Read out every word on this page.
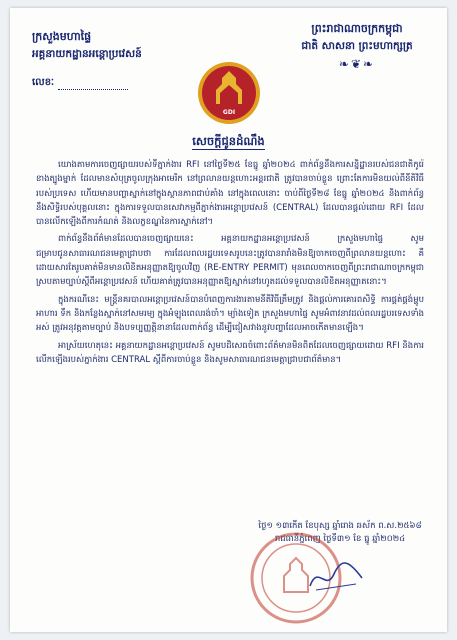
ក្រសួងមហាផ្ទៃ
អគ្គនាយកដ្ឋានអន្តោប្រវេសន៍
លេខៈ
ព្រះរាជាណាចក្រកម្ពុជា
ជាតិ សាសនា ព្រះមហាក្សត្រ
❧❦❧
GDI
សេចក្ដីជូនដំណឹង

យោងតាមការចេញផ្សាយរបស់ទីភ្នាក់ងារ RFI នៅថ្ងៃទី២៥ ខែធ្នូ ឆ្នាំ២០២៤ ពាក់ព័ន្ធនឹងការសន្និដ្ឋានរបស់ជនជាតិកូរ៉េខាងត្បូងម្នាក់ ដែលមានសំបុត្រចូលក្រុងអាមេរិក នៅព្រលានយន្តហោះអន្តរជាតិ ត្រូវបានចាប់ខ្លួន ព្រោះតែការមិនយល់ពីនីតិវិធីរបស់ប្រទេស ហើយមានបញ្ហាស្នាក់នៅក្នុងស្ថានភាពជាប់គាំង នៅក្នុងពេលនោះ ចាប់ពីថ្ងៃទី២៨ ខែធ្នូ ឆ្នាំ២០២៤ និងពាក់ព័ន្ធនឹងសិទ្ធិរបស់បុគ្គលនោះ ក្នុងការទទួលបានសេវាកម្មពីភ្នាក់ងារអន្តោប្រវេសន៍ (CENTRAL) ដែលបានផ្តល់ដោយ RFI ដែលបានលើកឡើងពីការកំណត់ និងលក្ខខណ្ឌនៃការស្នាក់នៅ។

ពាក់ព័ន្ធនឹងព័ត៌មានដែលបានចេញផ្សាយនេះ អគ្គនាយកដ្ឋានអន្តោប្រវេសន៍ ក្រសួងមហាផ្ទៃ សូមជម្រាបជូនសាធារណជនមេត្តាជ្រាបថា ការដែលពលរដ្ឋបរទេសរូបនេះត្រូវបានរារាំងមិនឱ្យចាកចេញពីព្រលានយន្តហោះ គឺដោយសារតែរូបគាត់មិនមានលិខិតអនុញ្ញាតឱ្យចូលវិញ (RE-ENTRY PERMIT) មុនពេលចាកចេញពីព្រះរាជាណាចក្រកម្ពុជា ស្របតាមច្បាប់ស្តីពីអន្តោប្រវេសន៍ ហើយគាត់ត្រូវបានអនុញ្ញាតឱ្យស្នាក់នៅរហូតដល់ទទួលបានលិខិតអនុញ្ញាតនោះ។

ក្នុងករណីនេះ មន្ត្រីនគរបាលអន្តោប្រវេសន៍បានបំពេញការងារតាមនីតិវិធីត្រឹមត្រូវ និងផ្តល់ការគោរពសិទ្ធិ ការផ្គត់ផ្គង់ម្ហូបអាហារ ទឹក និងកន្លែងស្នាក់នៅសមរម្យ ក្នុងអំឡុងពេលរង់ចាំ។ ម្យ៉ាងទៀត ក្រសួងមហាផ្ទៃ សូមអំពាវនាវដល់ពលរដ្ឋបរទេសទាំងអស់ ត្រូវអនុវត្តតាមច្បាប់ និងបទប្បញ្ញត្តិនានាដែលពាក់ព័ន្ធ ដើម្បីជៀសវាងនូវបញ្ហាដែលអាចកើតមានឡើង។

អាស្រ័យហេតុនេះ អគ្គនាយកដ្ឋានអន្តោប្រវេសន៍ សូមបដិសេធចំពោះព័ត៌មានមិនពិតដែលចេញផ្សាយដោយ RFI និងការលើកឡើងរបស់ភ្នាក់ងារ CENTRAL ស្តីពីការចាប់ខ្លួន និងសូមសាធារណជនមេត្តាជ្រាបជាព័ត៌មាន។

ថ្ងៃ១ ១៣កើត ខែបុស្ស ឆ្នាំរោង ឆស័ក ព.ស.២៥៦៨
រាជធានីភ្នំពេញ ថ្ងៃទី៣១ ខែ ធ្នូ ឆ្នាំ២០២៤
